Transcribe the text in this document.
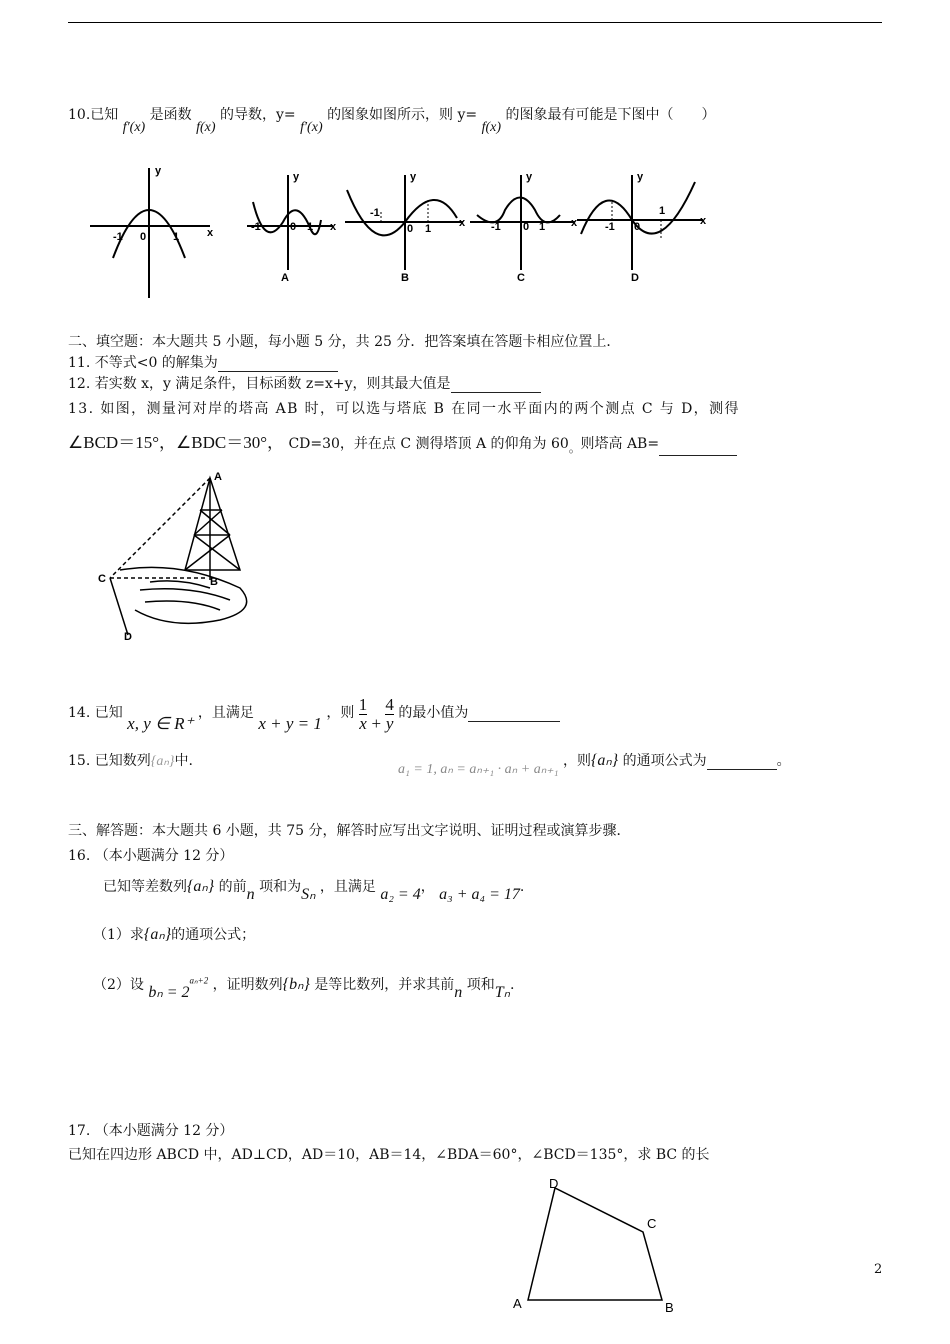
10.已知 f′(x) 是函数 f(x) 的导数，y= f′(x) 的图象如图所示，则 y= f(x) 的图象最有可能是下图中（　　）
y
x
-1 0 1
y
x
-1	0 1
y
x
-1
0 1
y
x
-1 0 1
y
x
-1 0
1
A	B	C	D
二、填空题：本大题共 5 小题，每小题 5 分，共 25 分．把答案填在答题卡相应位置上．
11. 不等式<0 的解集为
12. 若实数 x，y 满足条件，目标函数 z=x+y，则其最大值是
13. 如图，测量河对岸的塔高 AB 时，可以选与塔底 B 在同一水平面内的两个测点 C 与 D，测得
∠BCD＝15°，∠BDC＝30°， CD=30，并在点 C 测得塔顶 A 的仰角为 $60_。$则塔高 AB=
A
C
D
B
14. 已知 x, y ∈ R⁺ ，且满足 x + y = 1 ，则 $\frac{1}{x} + \frac{4}{y}$ 的最小值为
15. 已知数列{aₙ}中.
a₁ = 1, aₙ = aₙ₊₁ · aₙ + aₙ₊₁ ，则{aₙ} 的通项公式为	。
三、解答题：本大题共 6 小题，共 75 分，解答时应写出文字说明、证明过程或演算步骤．
16. （本小题满分 12 分）
已知等差数列{aₙ} 的前n 项和为Sₙ ，且满足 a₂ = 4， a₃ + a₄ = 17.
（1）求{aₙ}的通项公式；
（2）设 $b_n = 2^{a_n+2}$ ，证明数列{bₙ} 是等比数列，并求其前n 项和Tₙ.
17. （本小题满分 12 分）
已知在四边形 ABCD 中，AD⊥CD，AD＝10，AB＝14，∠BDA＝60°，∠BCD＝135°，求 BC 的长
A	B
C
D
2
